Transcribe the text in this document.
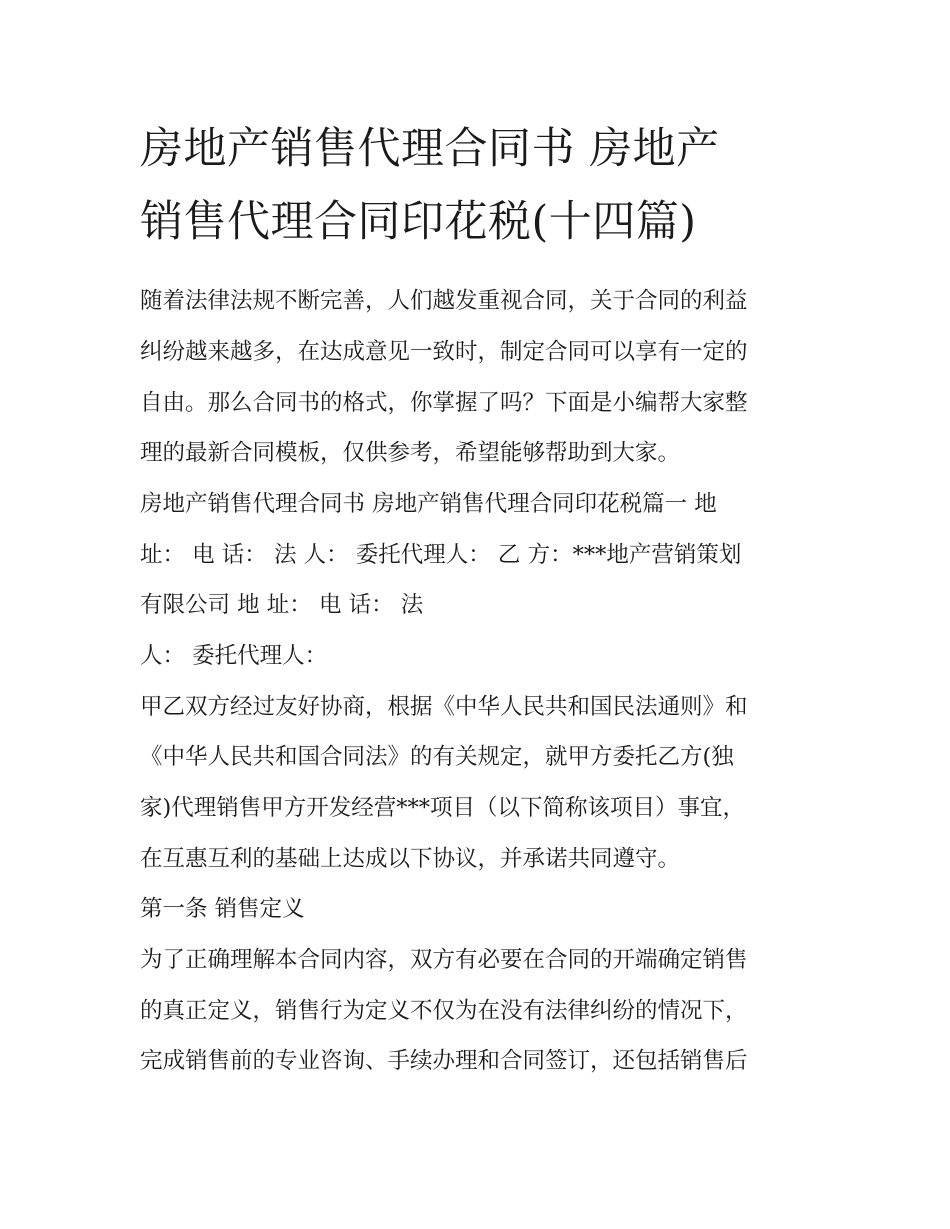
房地产销售代理合同书 房地产
销售代理合同印花税(十四篇)

随着法律法规不断完善，人们越发重视合同，关于合同的利益

纠纷越来越多，在达成意见一致时，制定合同可以享有一定的

自由。那么合同书的格式，你掌握了吗？下面是小编帮大家整

理的最新合同模板，仅供参考，希望能够帮助到大家。

房地产销售代理合同书 房地产销售代理合同印花税篇一 地

址： 电 话： 法 人： 委托代理人： 乙 方：***地产营销策划

有限公司 地 址： 电 话： 法

人： 委托代理人：

甲乙双方经过友好协商，根据《中华人民共和国民法通则》和

《中华人民共和国合同法》的有关规定，就甲方委托乙方(独

家)代理销售甲方开发经营***项目（以下简称该项目）事宜，

在互惠互利的基础上达成以下协议，并承诺共同遵守。

第一条 销售定义

为了正确理解本合同内容，双方有必要在合同的开端确定销售

的真正定义，销售行为定义不仅为在没有法律纠纷的情况下，

完成销售前的专业咨询、手续办理和合同签订，还包括销售后
